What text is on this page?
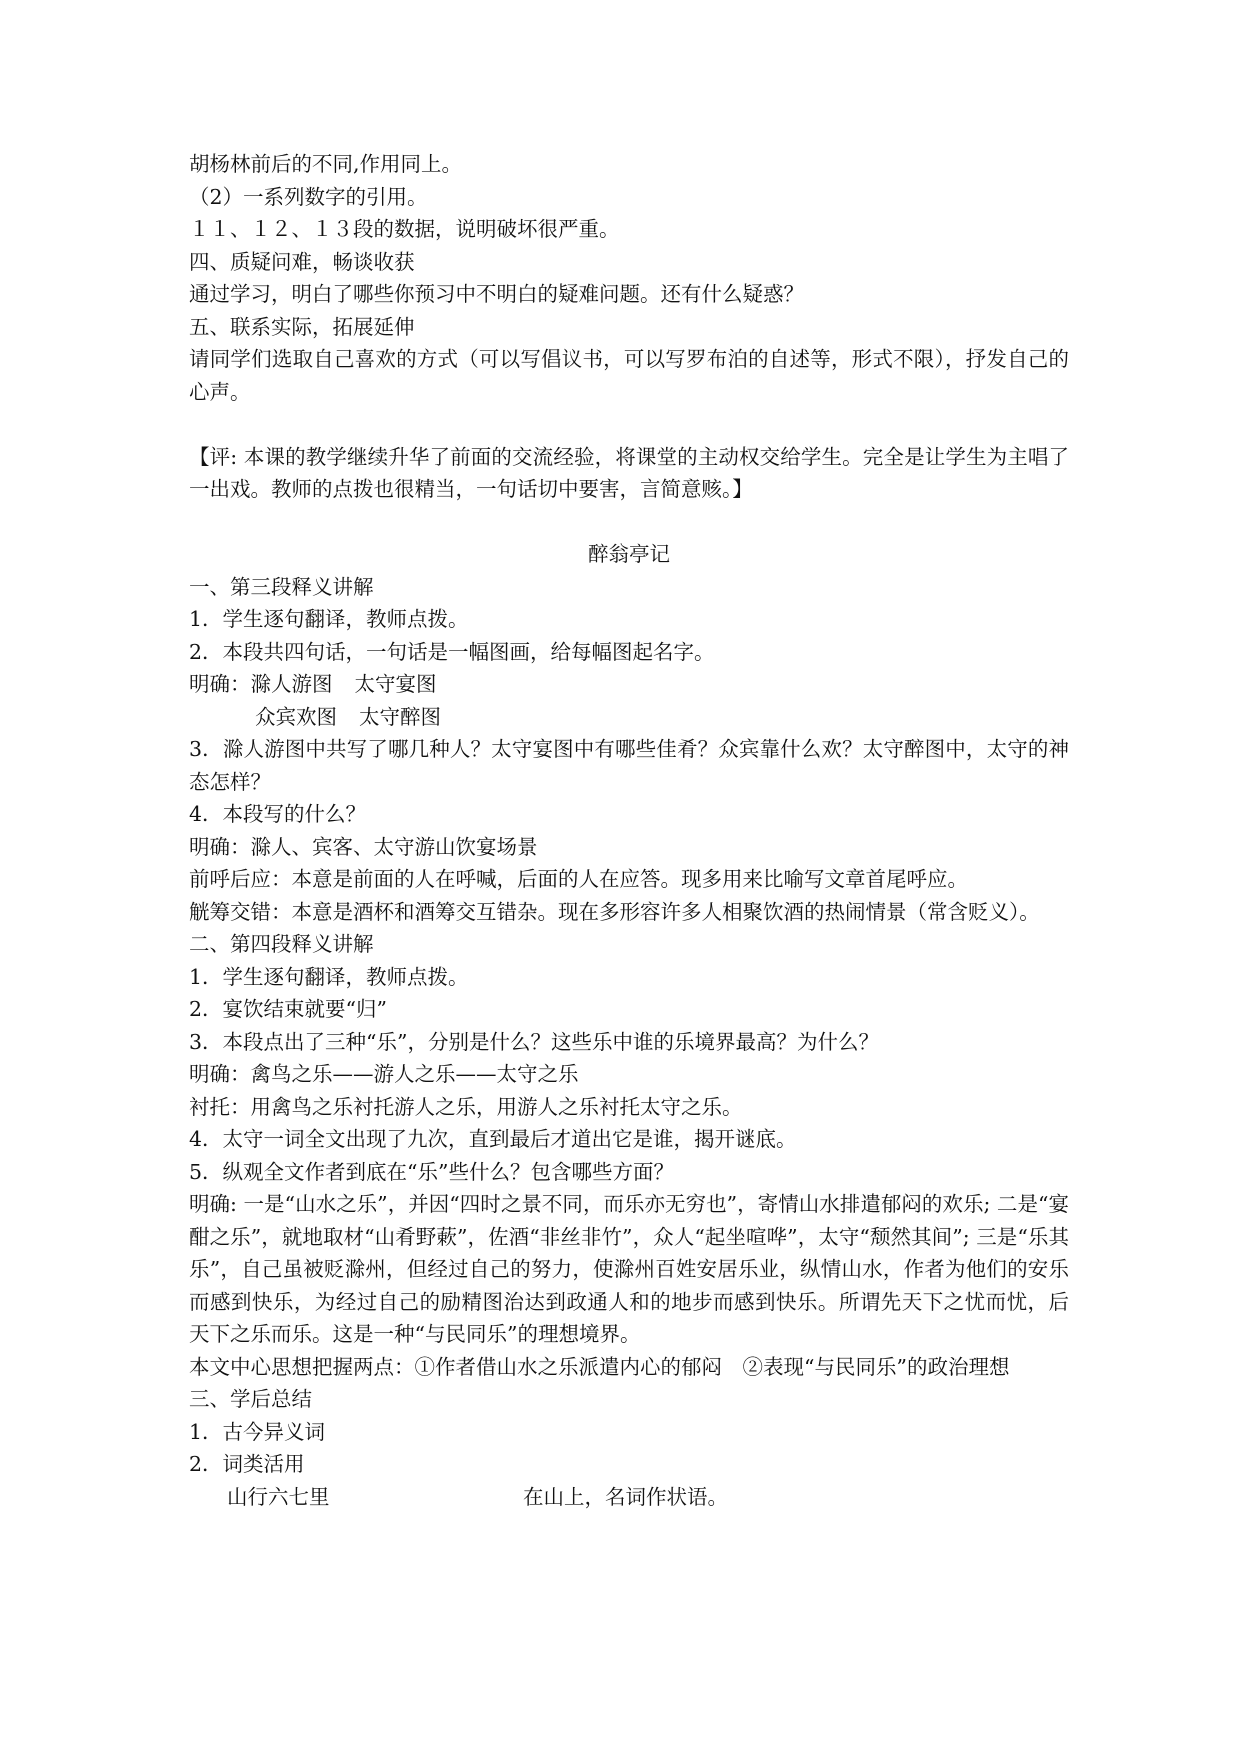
胡杨林前后的不同,作用同上。
（2）一系列数字的引用。
１１、１２、１３段的数据，说明破坏很严重。
四、质疑问难，畅谈收获
通过学习，明白了哪些你预习中不明白的疑难问题。还有什么疑惑？
五、联系实际，拓展延伸
请同学们选取自己喜欢的方式（可以写倡议书，可以写罗布泊的自述等，形式不限），抒发自己的心声。
【评: 本课的教学继续升华了前面的交流经验，将课堂的主动权交给学生。完全是让学生为主唱了一出戏。教师的点拨也很精当，一句话切中要害，言简意赅。】
醉翁亭记
一、第三段释义讲解
1．学生逐句翻译，教师点拨。
2．本段共四句话，一句话是一幅图画，给每幅图起名字。
明确：滁人游图 太守宴图
众宾欢图 太守醉图
3．滁人游图中共写了哪几种人？太守宴图中有哪些佳肴？众宾靠什么欢？太守醉图中，太守的神态怎样？
4．本段写的什么？
明确：滁人、宾客、太守游山饮宴场景
前呼后应：本意是前面的人在呼喊，后面的人在应答。现多用来比喻写文章首尾呼应。
觥筹交错：本意是酒杯和酒筹交互错杂。现在多形容许多人相聚饮酒的热闹情景（常含贬义）。
二、第四段释义讲解
1．学生逐句翻译，教师点拨。
2．宴饮结束就要“归”
3．本段点出了三种“乐”，分别是什么？这些乐中谁的乐境界最高？为什么？
明确：禽鸟之乐——游人之乐——太守之乐
衬托：用禽鸟之乐衬托游人之乐，用游人之乐衬托太守之乐。
4．太守一词全文出现了九次，直到最后才道出它是谁，揭开谜底。
5．纵观全文作者到底在“乐”些什么？包含哪些方面？
明确: 一是“山水之乐”，并因“四时之景不同，而乐亦无穷也”，寄情山水排遣郁闷的欢乐; 二是“宴酣之乐”，就地取材“山肴野蔌”，佐酒“非丝非竹”，众人“起坐喧哗”，太守“颓然其间”; 三是“乐其乐”，自己虽被贬滁州，但经过自己的努力，使滁州百姓安居乐业，纵情山水，作者为他们的安乐而感到快乐，为经过自己的励精图治达到政通人和的地步而感到快乐。所谓先天下之忧而忧，后天下之乐而乐。这是一种“与民同乐”的理想境界。
本文中心思想把握两点：①作者借山水之乐派遣内心的郁闷　②表现“与民同乐”的政治理想
三、学后总结
1．古今异义词
2．词类活用
山行六七里	在山上，名词作状语。
